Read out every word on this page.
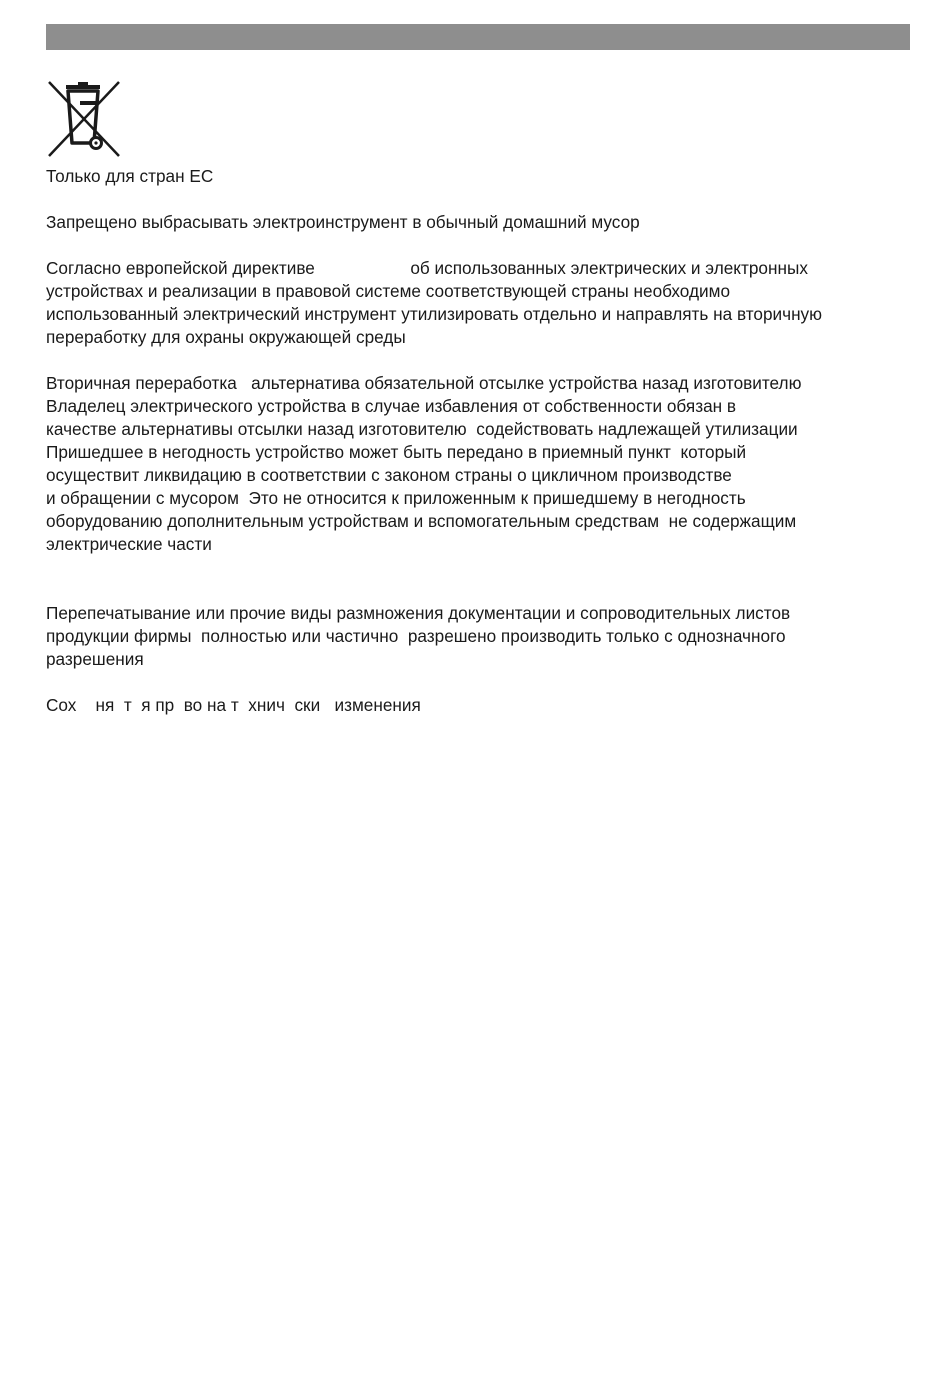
Только для стран ЕС

Запрещено выбрасывать электроинструмент в обычный домашний мусор

Согласно европейской директиве                    об использованных электрических и электронных
устройствах и реализации в правовой системе соответствующей страны необходимо
использованный электрический инструмент утилизировать отдельно и направлять на вторичную
переработку для охраны окружающей среды

Вторичная переработка   альтернатива обязательной отсылке устройства назад изготовителю
Владелец электрического устройства в случае избавления от собственности обязан в
качестве альтернативы отсылки назад изготовителю  содействовать надлежащей утилизации
Пришедшее в негодность устройство может быть передано в приемный пункт  который
осуществит ликвидацию в соответствии с законом страны о цикличном производстве
и обращении с мусором  Это не относится к приложенным к пришедшему в негодность
оборудованию дополнительным устройствам и вспомогательным средствам  не содержащим
электрические части

Перепечатывание или прочие виды размножения документации и сопроводительных листов
продукции фирмы  полностью или частично  разрешено производить только с однозначного
разрешения

Сох    ня  т  я пр  во на т  хнич  ски   изменения
